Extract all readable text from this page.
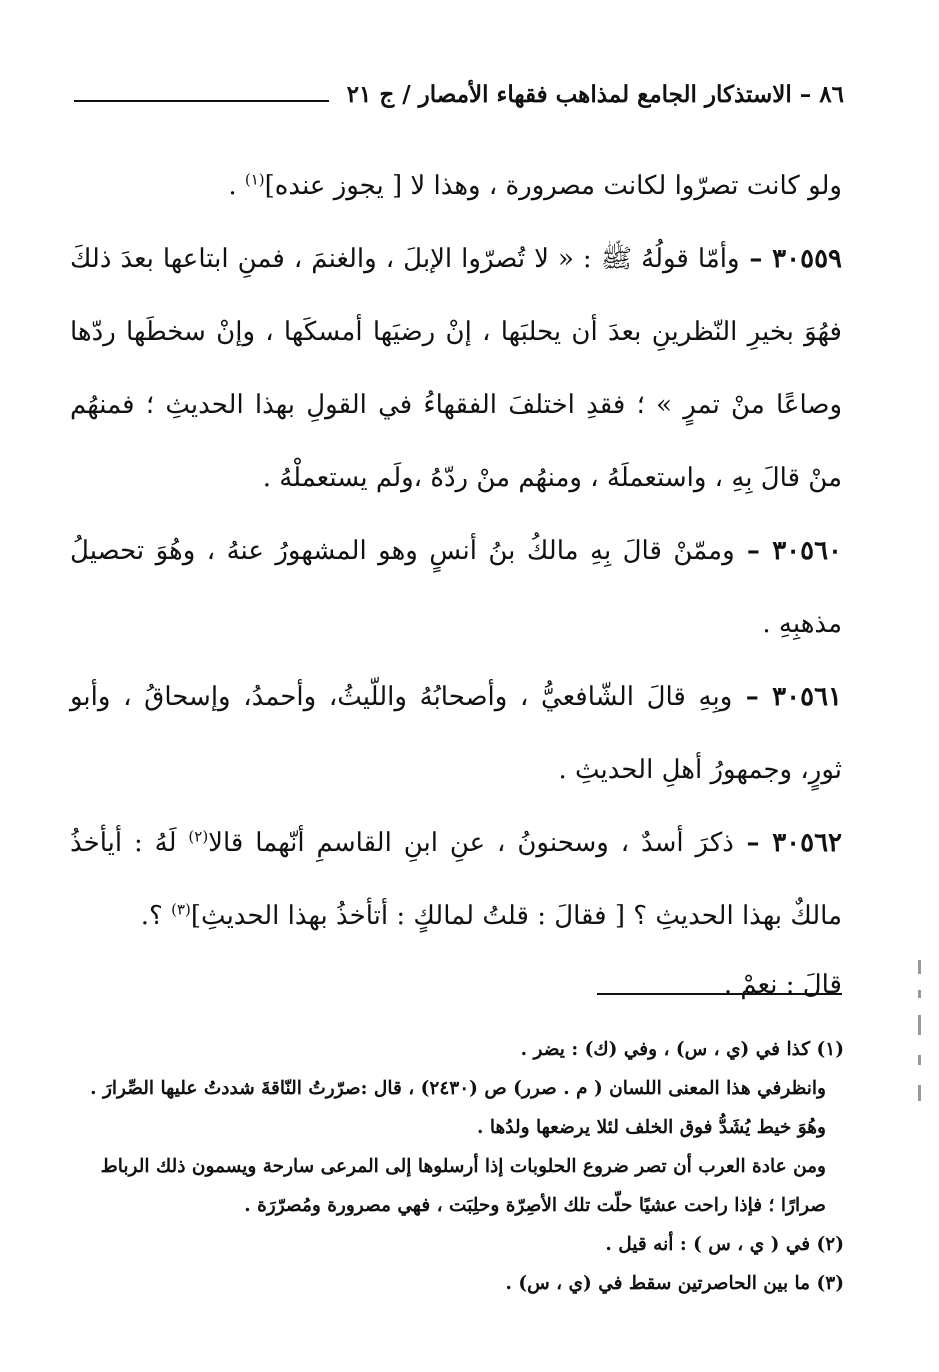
٨٦ – الاستذكار الجامع لمذاهب فقهاء الأمصار / ج ٢١

ولو كانت تصرّوا لكانت مصرورة ، وهذا لا [ يجوز عنده]$^{(١)}$ .

٣٠٥٥٩ – وأمّا قولُهُ ﷺ : « لا تُصرّوا الإبلَ ، والغنمَ ، فمنِ ابتاعها بعدَ ذلكَ فهُوَ بخيرِ النّظرينِ بعدَ أن يحلبَها ، إنْ رضيَها أمسكَها ، وإنْ سخطَها ردّها وصاعًا منْ تمرٍ » ؛ فقدِ اختلفَ الفقهاءُ في القولِ بهذا الحديثِ ؛ فمنهُم منْ قالَ بِهِ ، واستعملَهُ ، ومنهُم منْ ردّهُ ،ولَم يستعملْهُ .

٣٠٥٦٠ – وممّنْ قالَ بِهِ مالكُ بنُ أنسٍ وهو المشهورُ عنهُ ، وهُوَ تحصيلُ مذهبِهِ .

٣٠٥٦١ – وبِهِ قالَ الشّافعيُّ ، وأصحابُهُ واللّيثُ، وأحمدُ، وإسحاقُ ، وأبو ثورٍ، وجمهورُ أهلِ الحديثِ .

٣٠٥٦٢ – ذكرَ أسدٌ ، وسحنونُ ، عنِ ابنِ القاسمِ أنّهما قالا$^{(٢)}$ لَهُ : أيأخذُ مالكٌ بهذا الحديثِ ؟ [ فقالَ : قلتُ لمالكٍ : أتأخذُ بهذا الحديثِ]$^{(٣)}$ ؟.

قالَ : نعمْ .

(١) كذا في (ي ، س) ، وفي (ك) : يضر .

وانظرفي هذا المعنى اللسان ( م . صرر) ص (٢٤٣٠) ، قال :صرّرتُ النّاقةَ شددتُ عليها الصِّرارَ .

وهُوَ خيط يُشَدُّ فوق الخلف لئلا يرضعها ولدُها .

ومن عادة العرب أن تصر ضروع الحلوبات إذا أرسلوها إلى المرعى سارحة ويسمون ذلك الرباط صرارًا ؛ فإذا راحت عشيًا حلّت تلك الأصِرّة وحلِبَت ، فهي مصرورة ومُصرّرَة .

(٢) في ( ي ، س ) : أنه قيل .

(٣) ما بين الحاصرتين سقط في (ي ، س) .
